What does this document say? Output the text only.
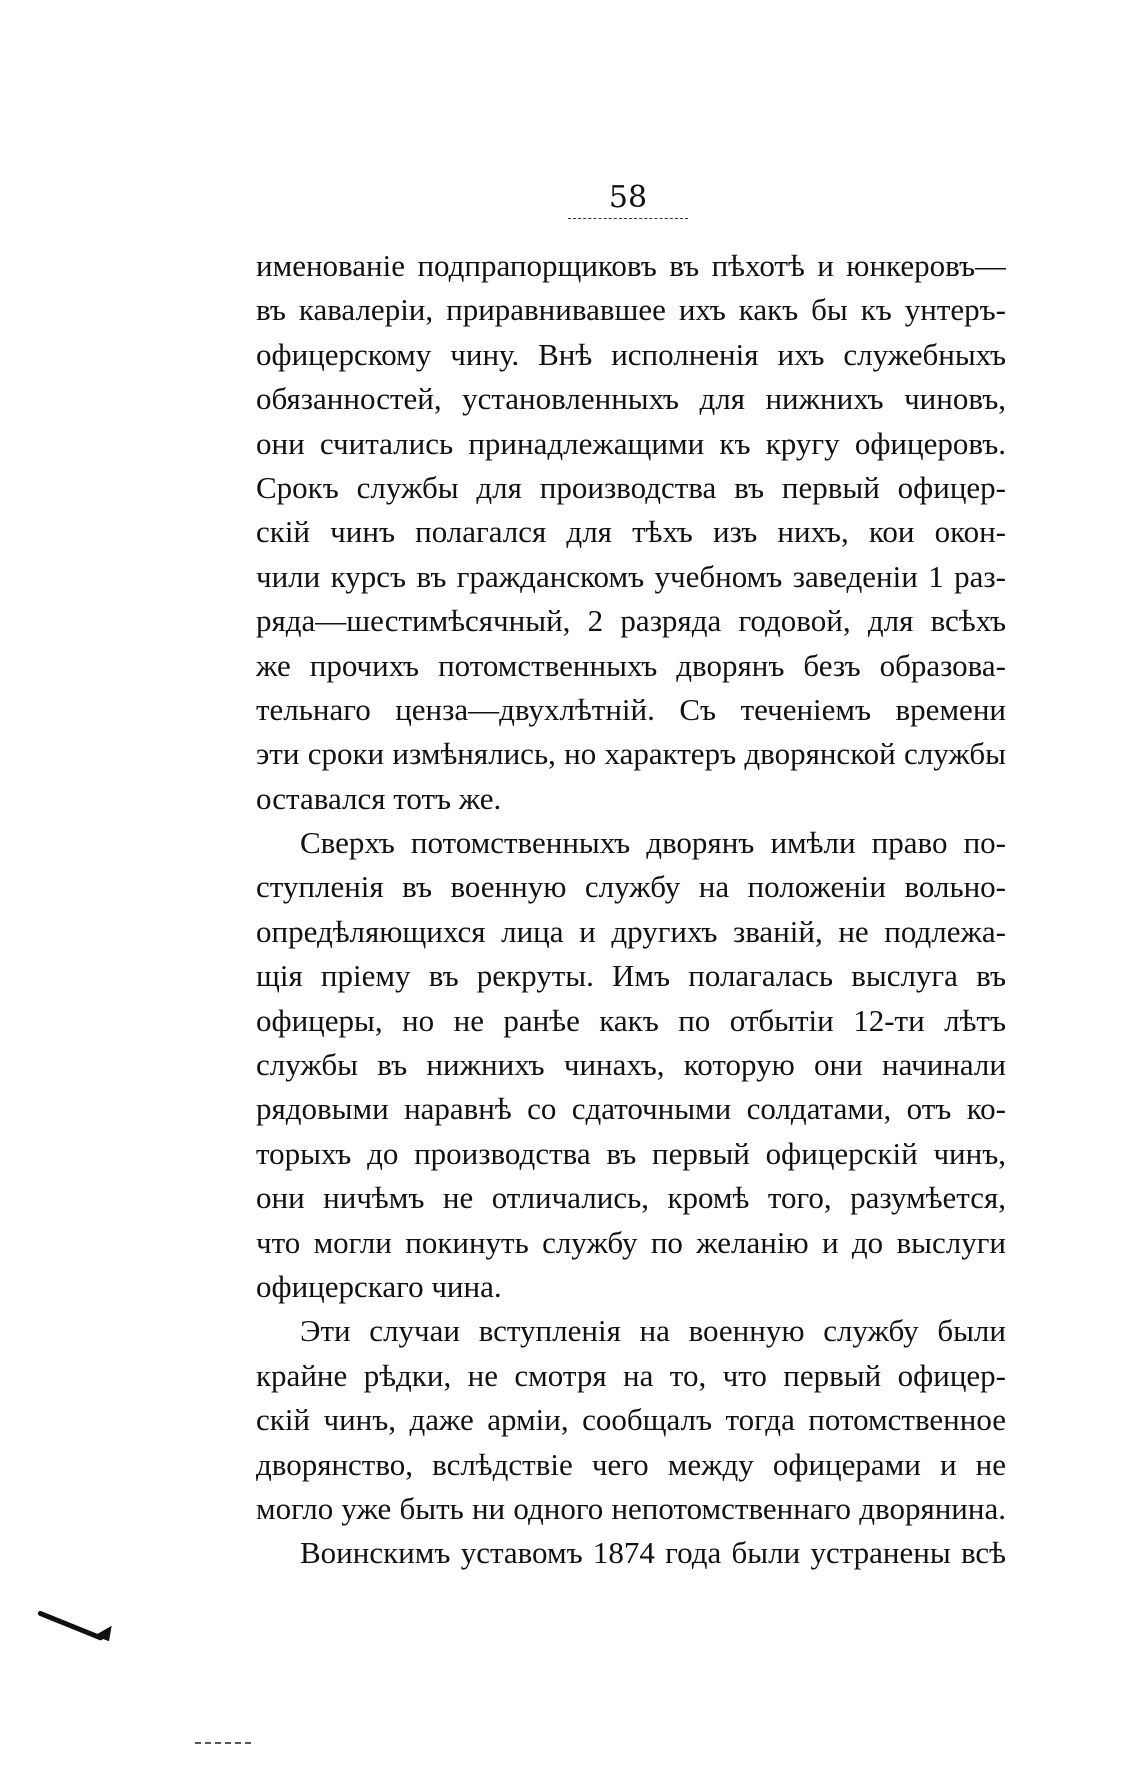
58
именованіе подпрапорщиковъ въ пѣхотѣ и юнкеровъ—
въ кавалеріи, приравнивавшее ихъ какъ бы къ унтеръ-
офицерскому чину. Внѣ исполненія ихъ служебныхъ
обязанностей, установленныхъ для нижнихъ чиновъ,
они считались принадлежащими къ кругу офицеровъ.
Срокъ службы для производства въ первый офицер-
скій чинъ полагался для тѣхъ изъ нихъ, кои окон-
чили курсъ въ гражданскомъ учебномъ заведеніи 1 раз-
ряда—шестимѣсячный, 2 разряда годовой, для всѣхъ
же прочихъ потомственныхъ дворянъ безъ образова-
тельнаго ценза—двухлѣтній. Съ теченіемъ времени
эти сроки измѣнялись, но характеръ дворянской службы
оставался тотъ же.
Сверхъ потомственныхъ дворянъ имѣли право по-
ступленія въ военную службу на положеніи вольно-
опредѣляющихся лица и другихъ званій, не подлежа-
щія пріему въ рекруты. Имъ полагалась выслуга въ
офицеры, но не ранѣе какъ по отбытіи 12-ти лѣтъ
службы въ нижнихъ чинахъ, которую они начинали
рядовыми наравнѣ со сдаточными солдатами, отъ ко-
торыхъ до производства въ первый офицерскій чинъ,
они ничѣмъ не отличались, кромѣ того, разумѣется,
что могли покинуть службу по желанію и до выслуги
офицерскаго чина.
Эти случаи вступленія на военную службу были
крайне рѣдки, не смотря на то, что первый офицер-
скій чинъ, даже арміи, сообщалъ тогда потомственное
дворянство, вслѣдствіе чего между офицерами и не
могло уже быть ни одного непотомственнаго дворянина.
Воинскимъ уставомъ 1874 года были устранены всѣ
